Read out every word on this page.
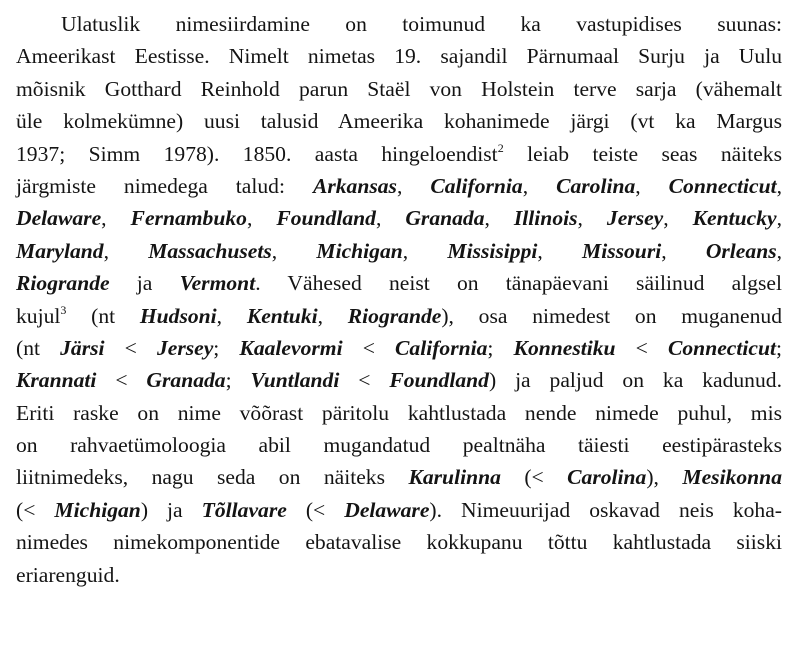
Ulatuslik nimesiirdamine on toimunud ka vastupidises suunas:
Ameerikast Eestisse. Nimelt nimetas 19. sajandil Pärnumaal Surju ja Uulu
mõisnik Gotthard Reinhold parun Staël von Holstein terve sarja (vähemalt
üle kolmekümne) uusi talusid Ameerika kohanimede järgi (vt ka Margus
1937; Simm 1978). 1850. aasta hingeloendist$^2$ leiab teiste seas näiteks
järgmiste nimedega talud: Arkansas, California, Carolina, Connecticut,
Delaware, Fernambuko, Foundland, Granada, Illinois, Jersey, Kentucky,
Maryland, Massachusets, Michigan, Missisippi, Missouri, Orleans,
Riogrande ja Vermont. Vähesed neist on tänapäevani säilinud algsel
kujul$^3$ (nt Hudsoni, Kentuki, Riogrande), osa nimedest on muganenud
(nt Järsi < Jersey; Kaalevormi < California; Konnestiku < Connecticut;
Krannati < Granada; Vuntlandi < Foundland) ja paljud on ka kadunud.
Eriti raske on nime võõrast päritolu kahtlustada nende nimede puhul, mis
on rahvaetümoloogia abil mugandatud pealtnäha täiesti eestipärasteks
liitnimedeks, nagu seda on näiteks Karulinna (< Carolina), Mesikonna
(< Michigan) ja Tõllavare (< Delaware). Nimeuurijad oskavad neis koha-
nimedes nimekomponentide ebatavalise kokkupanu tõttu kahtlustada siiski
eriarenguid.
